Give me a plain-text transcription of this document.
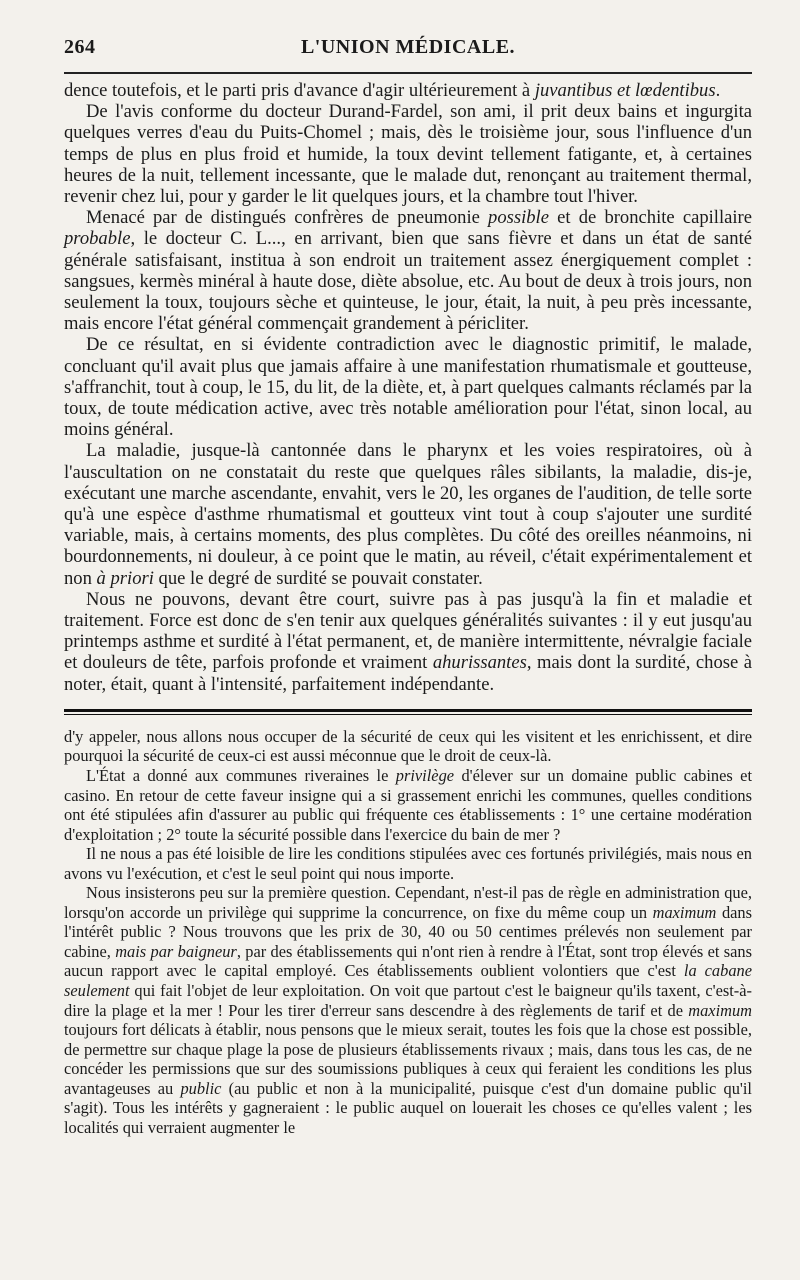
264	L'UNION MÉDICALE.

dence toutefois, et le parti pris d'avance d'agir ultérieurement à juvantibus et lœdentibus.

De l'avis conforme du docteur Durand-Fardel, son ami, il prit deux bains et ingurgita quelques verres d'eau du Puits-Chomel ; mais, dès le troisième jour, sous l'influence d'un temps de plus en plus froid et humide, la toux devint tellement fatigante, et, à certaines heures de la nuit, tellement incessante, que le malade dut, renonçant au traitement thermal, revenir chez lui, pour y garder le lit quelques jours, et la chambre tout l'hiver.

Menacé par de distingués confrères de pneumonie possible et de bronchite capillaire probable, le docteur C. L..., en arrivant, bien que sans fièvre et dans un état de santé générale satisfaisant, institua à son endroit un traitement assez énergiquement complet : sangsues, kermès minéral à haute dose, diète absolue, etc. Au bout de deux à trois jours, non seulement la toux, toujours sèche et quinteuse, le jour, était, la nuit, à peu près incessante, mais encore l'état général commençait grandement à péricliter.

De ce résultat, en si évidente contradiction avec le diagnostic primitif, le malade, concluant qu'il avait plus que jamais affaire à une manifestation rhumatismale et goutteuse, s'affranchit, tout à coup, le 15, du lit, de la diète, et, à part quelques calmants réclamés par la toux, de toute médication active, avec très notable amélioration pour l'état, sinon local, au moins général.

La maladie, jusque-là cantonnée dans le pharynx et les voies respiratoires, où à l'auscultation on ne constatait du reste que quelques râles sibilants, la maladie, dis-je, exécutant une marche ascendante, envahit, vers le 20, les organes de l'audition, de telle sorte qu'à une espèce d'asthme rhumatismal et goutteux vint tout à coup s'ajouter une surdité variable, mais, à certains moments, des plus complètes. Du côté des oreilles néanmoins, ni bourdonnements, ni douleur, à ce point que le matin, au réveil, c'était expérimentalement et non à priori que le degré de surdité se pouvait constater.

Nous ne pouvons, devant être court, suivre pas à pas jusqu'à la fin et maladie et traitement. Force est donc de s'en tenir aux quelques généralités suivantes : il y eut jusqu'au printemps asthme et surdité à l'état permanent, et, de manière intermittente, névralgie faciale et douleurs de tête, parfois profonde et vraiment ahurissantes, mais dont la surdité, chose à noter, était, quant à l'intensité, parfaitement indépendante.

d'y appeler, nous allons nous occuper de la sécurité de ceux qui les visitent et les enrichissent, et dire pourquoi la sécurité de ceux-ci est aussi méconnue que le droit de ceux-là.

L'État a donné aux communes riveraines le privilège d'élever sur un domaine public cabines et casino. En retour de cette faveur insigne qui a si grassement enrichi les communes, quelles conditions ont été stipulées afin d'assurer au public qui fréquente ces établissements : 1° une certaine modération d'exploitation ; 2° toute la sécurité possible dans l'exercice du bain de mer ?

Il ne nous a pas été loisible de lire les conditions stipulées avec ces fortunés privilégiés, mais nous en avons vu l'exécution, et c'est le seul point qui nous importe.

Nous insisterons peu sur la première question. Cependant, n'est-il pas de règle en administration que, lorsqu'on accorde un privilège qui supprime la concurrence, on fixe du même coup un maximum dans l'intérêt public ? Nous trouvons que les prix de 30, 40 ou 50 centimes prélevés non seulement par cabine, mais par baigneur, par des établissements qui n'ont rien à rendre à l'État, sont trop élevés et sans aucun rapport avec le capital employé. Ces établissements oublient volontiers que c'est la cabane seulement qui fait l'objet de leur exploitation. On voit que partout c'est le baigneur qu'ils taxent, c'est-à-dire la plage et la mer ! Pour les tirer d'erreur sans descendre à des règlements de tarif et de maximum toujours fort délicats à établir, nous pensons que le mieux serait, toutes les fois que la chose est possible, de permettre sur chaque plage la pose de plusieurs établissements rivaux ; mais, dans tous les cas, de ne concéder les permissions que sur des soumissions publiques à ceux qui feraient les conditions les plus avantageuses au public (au public et non à la municipalité, puisque c'est d'un domaine public qu'il s'agit). Tous les intérêts y gagneraient : le public auquel on louerait les choses ce qu'elles valent ; les localités qui verraient augmenter le
